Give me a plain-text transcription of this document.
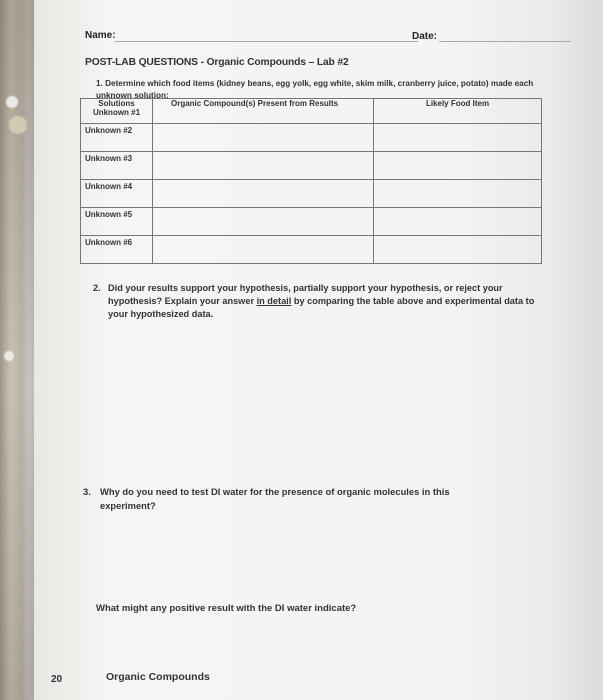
Name:	Date:
POST-LAB QUESTIONS - Organic Compounds – Lab #2

1. Determine which food items (kidney beans, egg yolk, egg white, skim milk, cranberry juice, potato) made each unknown solution:

Solutions
Unknown #1	Organic Compound(s) Present from Results	Likely Food Item
Unknown #2		
Unknown #3		
Unknown #4		
Unknown #5		
Unknown #6		
2. Did your results support your hypothesis, partially support your hypothesis, or reject your hypothesis? Explain your answer in detail by comparing the table above and experimental data to your hypothesized data.
3. Why do you need to test DI water for the presence of organic molecules in this experiment?

What might any positive result with the DI water indicate?

20	Organic Compounds
